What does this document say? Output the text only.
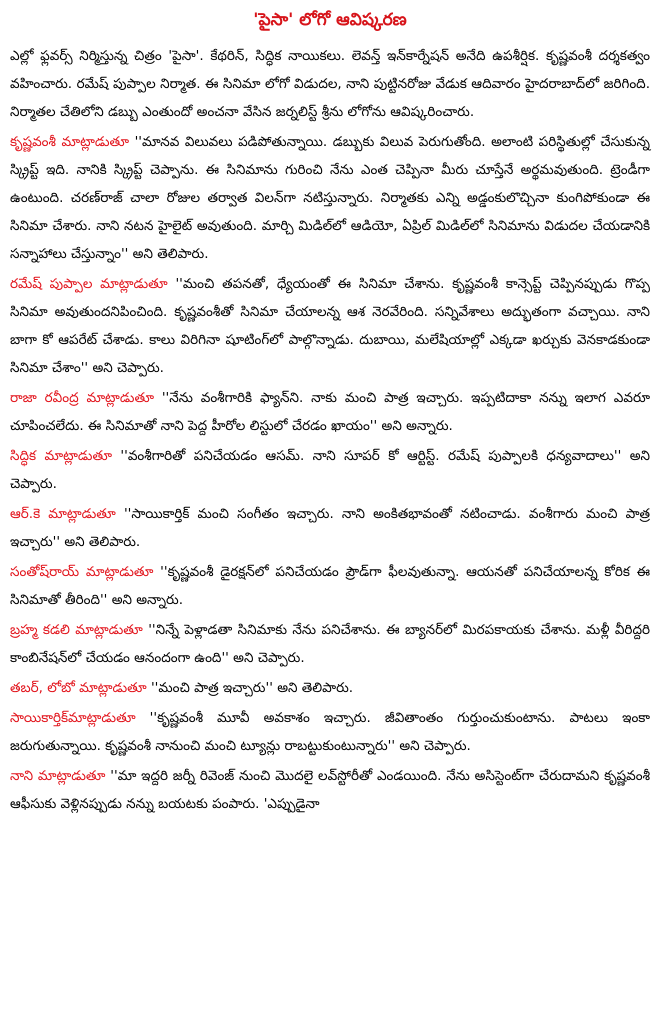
'పైసా' లోగో ఆవిష్కరణ

ఎల్లో ఫ్లవర్స్ నిర్మిస్తున్న చిత్రం 'పైసా'. కేథరిన్, సిద్ధిక నాయికలు. లెవన్త్ ఇన్‌కార్నేషన్ అనేది ఉపశీర్షిక. కృష్ణవంశీ దర్శకత్వం వహించారు. రమేష్ పుప్పాల నిర్మాత. ఈ సినిమా లోగో విడుదల, నాని పుట్టినరోజు వేడుక ఆదివారం హైదరాబాద్‌లో జరిగింది. నిర్మాతల చేతిలోని డబ్బు ఎంతుందో అంచనా వేసిన జర్నలిస్ట్ శ్రీను లోగోను ఆవిష్కరించారు.

కృష్ణవంశీ మాట్లాడుతూ ''మానవ విలువలు పడిపోతున్నాయి. డబ్బుకు విలువ పెరుగుతోంది. అలాంటి పరిస్థితుల్లో చేసుకున్న స్క్రిప్ట్ ఇది. నానికి స్క్రిప్ట్ చెప్పాను. ఈ సినిమాను గురించి నేను ఎంత చెప్పినా మీరు చూస్తేనే అర్థమవుతుంది. ట్రెండీగా ఉంటుంది. చరణ్‌రాజ్ చాలా రోజుల తర్వాత విలన్‌గా నటిస్తున్నారు. నిర్మాతకు ఎన్ని అడ్డంకులొచ్చినా కుంగిపోకుండా ఈ సినిమా చేశారు. నాని నటన హైలైట్ అవుతుంది. మార్చి మిడిల్‌లో ఆడియో, ఏప్రిల్ మిడిల్‌లో సినిమాను విడుదల చేయడానికి సన్నాహాలు చేస్తున్నాం'' అని తెలిపారు.

రమేష్ పుప్పాల మాట్లాడుతూ ''మంచి తపనతో, ధ్యేయంతో ఈ సినిమా చేశాను. కృష్ణవంశీ కాన్సెప్ట్ చెప్పినప్పుడు గొప్ప సినిమా అవుతుందనిపించింది. కృష్ణవంశీతో సినిమా చేయాలన్న ఆశ నెరవేరింది. సన్నివేశాలు అద్భుతంగా వచ్చాయి. నాని బాగా కో ఆపరేట్ చేశాడు. కాలు విరిగినా షూటింగ్‌లో పాల్గొన్నాడు. దుబాయి, మలేషియాల్లో ఎక్కడా ఖర్చుకు వెనకాడకుండా సినిమా చేశాం'' అని చెప్పారు.

రాజా రవీంద్ర మాట్లాడుతూ ''నేను వంశీగారికి ఫ్యాన్‌ని. నాకు మంచి పాత్ర ఇచ్చారు. ఇప్పటిదాకా నన్ను ఇలాగ ఎవరూ చూపించలేదు. ఈ సినిమాతో నాని పెద్ద హీరోల లిస్టులో చేరడం ఖాయం'' అని అన్నారు.

సిద్ధిక మాట్లాడుతూ ''వంశీగారితో పనిచేయడం ఆసమ్. నాని సూపర్ కో ఆర్టిస్ట్. రమేష్ పుప్పాలకి ధన్యవాదాలు'' అని చెప్పారు.

ఆర్.కె మాట్లాడుతూ ''సాయికార్తిక్ మంచి సంగీతం ఇచ్చారు. నాని అంకితభావంతో నటించాడు. వంశీగారు మంచి పాత్ర ఇచ్చారు'' అని తెలిపారు.

సంతోష్‌రాయ్ మాట్లాడుతూ ''కృష్ణవంశీ డైరక్షన్‌లో పనిచేయడం ప్రౌడ్‌గా ఫీలవుతున్నా. ఆయనతో పనిచేయాలన్న కోరిక ఈ సినిమాతో తీరింది'' అని అన్నారు.

బ్రహ్మ కడలి మాట్లాడుతూ ''నిన్నే పెళ్లాడతా సినిమాకు నేను పనిచేశాను. ఈ బ్యానర్‌లో మిరపకాయకు చేశాను. మళ్లీ వీరిద్దరి కాంబినేషన్‌లో చేయడం ఆనందంగా ఉంది'' అని చెప్పారు.

తబర్, లోబో మాట్లాడుతూ ''మంచి పాత్ర ఇచ్చారు'' అని తెలిపారు.

సాయికార్తిక్‌మాట్లాడుతూ ''కృష్ణవంశీ మూవీ అవకాశం ఇచ్చారు. జీవితాంతం గుర్తుంచుకుంటాను. పాటలు ఇంకా జరుగుతున్నాయి. కృష్ణవంశీ నానుంచి మంచి ట్యూన్లు రాబట్టుకుంటున్నారు'' అని చెప్పారు.

నాని మాట్లాడుతూ ''మా ఇద్దరి జర్నీ రివెంజ్ నుంచి మొదలై లవ్‌స్టోరీతో ఎండయింది. నేను అసిస్టెంట్‌గా చేరుదామని కృష్ణవంశీ ఆఫీసుకు వెళ్లినప్పుడు నన్ను బయటకు పంపారు. 'ఎప్పుడైనా
